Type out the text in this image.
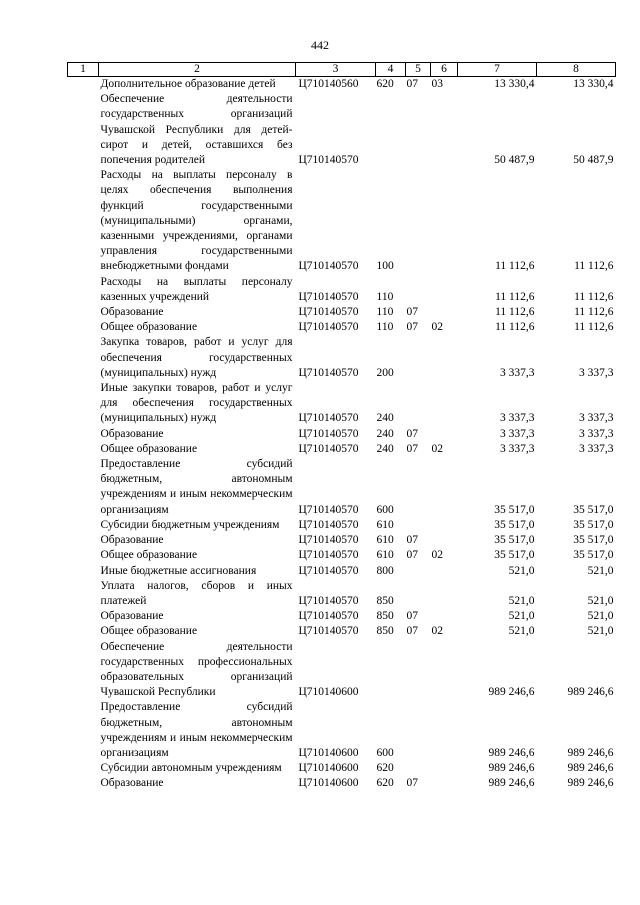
442
1	2	3	4	5	6	7	8
	Дополнительное образование детей	Ц710140560	620	07	03	13 330,4	13 330,4
	Обеспечение деятельности государственных организаций Чувашской Республики для детей-сирот и детей, оставшихся без попечения родителей	Ц710140570				50 487,9	50 487,9
	Расходы на выплаты персоналу в целях обеспечения выполнения функций государственными (муниципальными) органами, казенными учреждениями, органами управления государственными внебюджетными фондами	Ц710140570	100			11 112,6	11 112,6
	Расходы на выплаты персоналу казенных учреждений	Ц710140570	110			11 112,6	11 112,6
	Образование	Ц710140570	110	07		11 112,6	11 112,6
	Общее образование	Ц710140570	110	07	02	11 112,6	11 112,6
	Закупка товаров, работ и услуг для обеспечения государственных (муниципальных) нужд	Ц710140570	200			3 337,3	3 337,3
	Иные закупки товаров, работ и услуг для обеспечения государственных (муниципальных) нужд	Ц710140570	240			3 337,3	3 337,3
	Образование	Ц710140570	240	07		3 337,3	3 337,3
	Общее образование	Ц710140570	240	07	02	3 337,3	3 337,3
	Предоставление субсидий бюджетным, автономным учреждениям и иным некоммерческим организациям	Ц710140570	600			35 517,0	35 517,0
	Субсидии бюджетным учреждениям	Ц710140570	610			35 517,0	35 517,0
	Образование	Ц710140570	610	07		35 517,0	35 517,0
	Общее образование	Ц710140570	610	07	02	35 517,0	35 517,0
	Иные бюджетные ассигнования	Ц710140570	800			521,0	521,0
	Уплата налогов, сборов и иных платежей	Ц710140570	850			521,0	521,0
	Образование	Ц710140570	850	07		521,0	521,0
	Общее образование	Ц710140570	850	07	02	521,0	521,0
	Обеспечение деятельности государственных профессиональных образовательных организаций Чувашской Республики	Ц710140600				989 246,6	989 246,6
	Предоставление субсидий бюджетным, автономным учреждениям и иным некоммерческим организациям	Ц710140600	600			989 246,6	989 246,6
	Субсидии автономным учреждениям	Ц710140600	620			989 246,6	989 246,6
	Образование	Ц710140600	620	07		989 246,6	989 246,6
